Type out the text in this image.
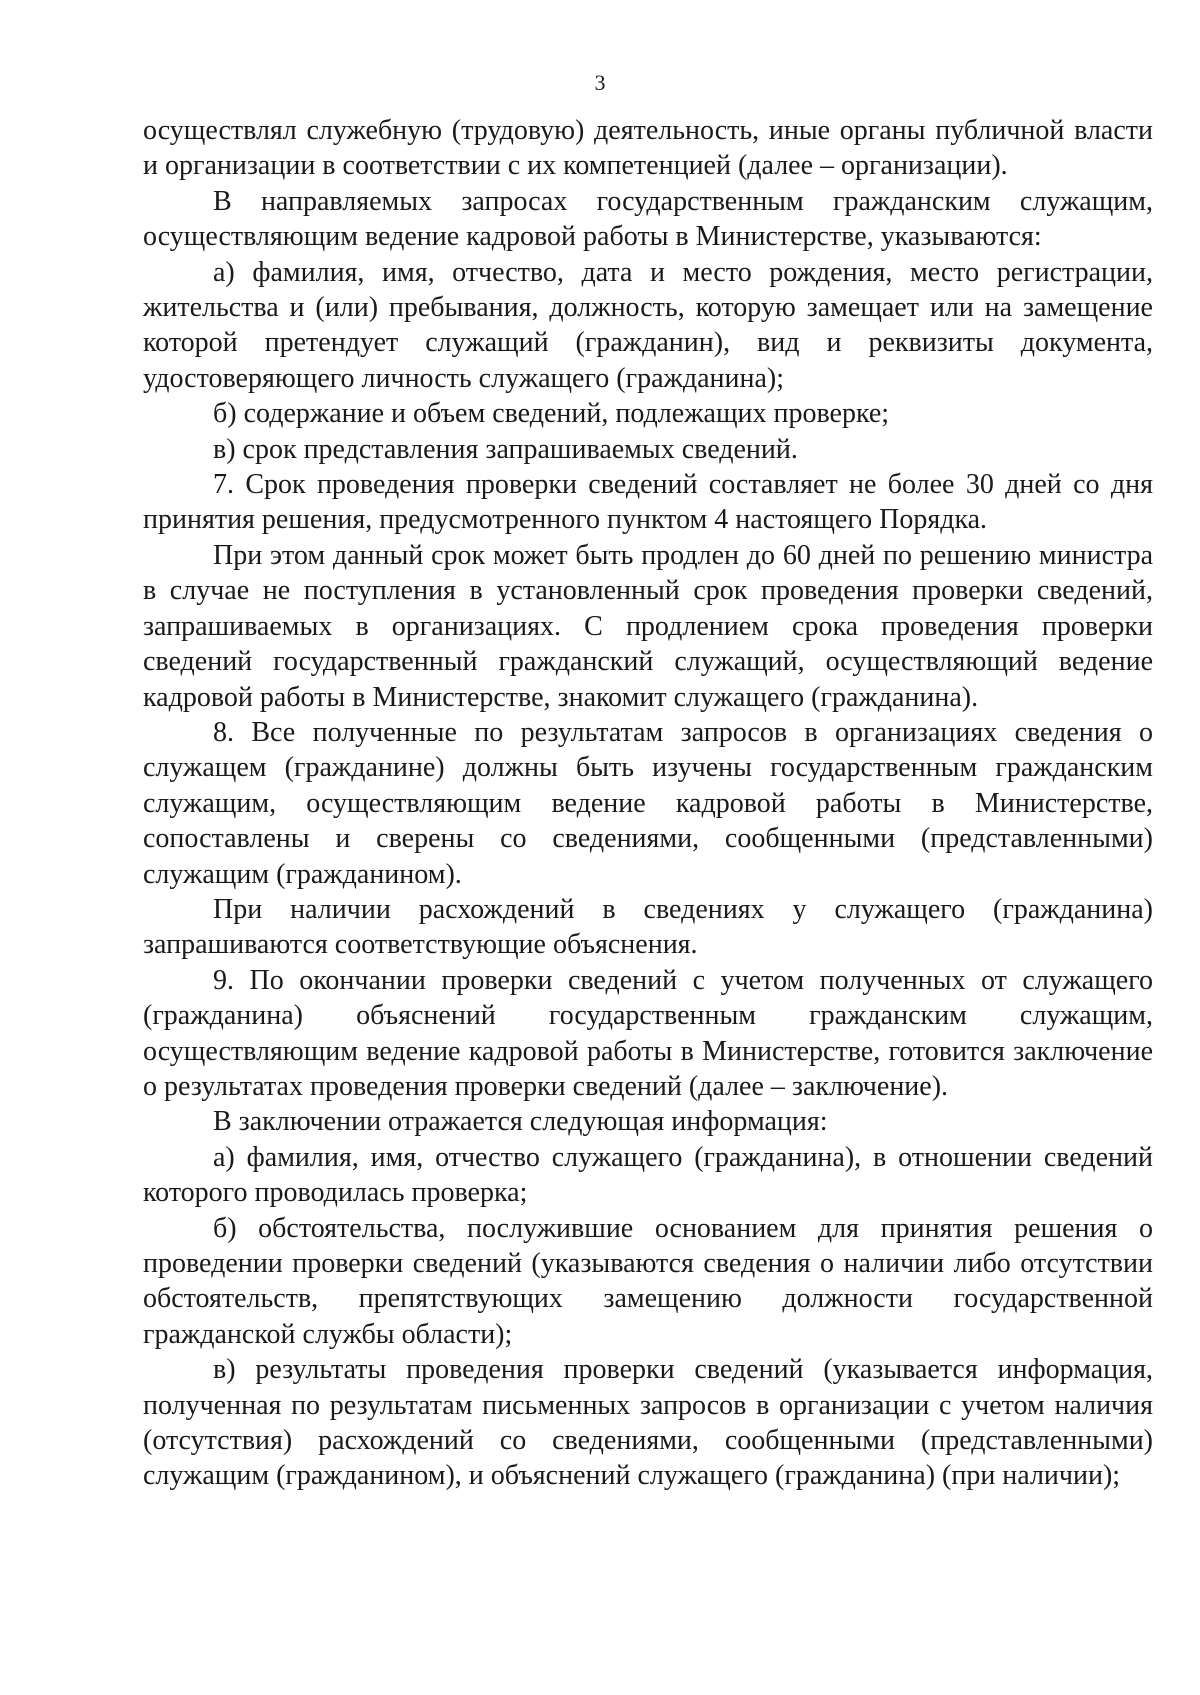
3

осуществлял служебную (трудовую) деятельность, иные органы публичной власти и организации в соответствии с их компетенцией (далее – организации).

В направляемых запросах государственным гражданским служащим, осуществляющим ведение кадровой работы в Министерстве, указываются:

а) фамилия, имя, отчество, дата и место рождения, место регистрации, жительства и (или) пребывания, должность, которую замещает или на замещение которой претендует служащий (гражданин), вид и реквизиты документа, удостоверяющего личность служащего (гражданина);

б) содержание и объем сведений, подлежащих проверке;

в) срок представления запрашиваемых сведений.

7. Срок проведения проверки сведений составляет не более 30 дней со дня принятия решения, предусмотренного пунктом 4 настоящего Порядка.

При этом данный срок может быть продлен до 60 дней по решению министра в случае не поступления в установленный срок проведения проверки сведений, запрашиваемых в организациях. С продлением срока проведения проверки сведений государственный гражданский служащий, осуществляющий ведение кадровой работы в Министерстве, знакомит служащего (гражданина).

8. Все полученные по результатам запросов в организациях сведения о служащем (гражданине) должны быть изучены государственным гражданским служащим, осуществляющим ведение кадровой работы в Министерстве, сопоставлены и сверены со сведениями, сообщенными (представленными) служащим (гражданином).

При наличии расхождений в сведениях у служащего (гражданина) запрашиваются соответствующие объяснения.

9. По окончании проверки сведений с учетом полученных от служащего (гражданина) объяснений государственным гражданским служащим, осуществляющим ведение кадровой работы в Министерстве, готовится заключение о результатах проведения проверки сведений (далее – заключение).

В заключении отражается следующая информация:

а) фамилия, имя, отчество служащего (гражданина), в отношении сведений которого проводилась проверка;

б) обстоятельства, послужившие основанием для принятия решения о проведении проверки сведений (указываются сведения о наличии либо отсутствии обстоятельств, препятствующих замещению должности государственной гражданской службы области);

в) результаты проведения проверки сведений (указывается информация, полученная по результатам письменных запросов в организации с учетом наличия (отсутствия) расхождений со сведениями, сообщенными (представленными) служащим (гражданином), и объяснений служащего (гражданина) (при наличии);
